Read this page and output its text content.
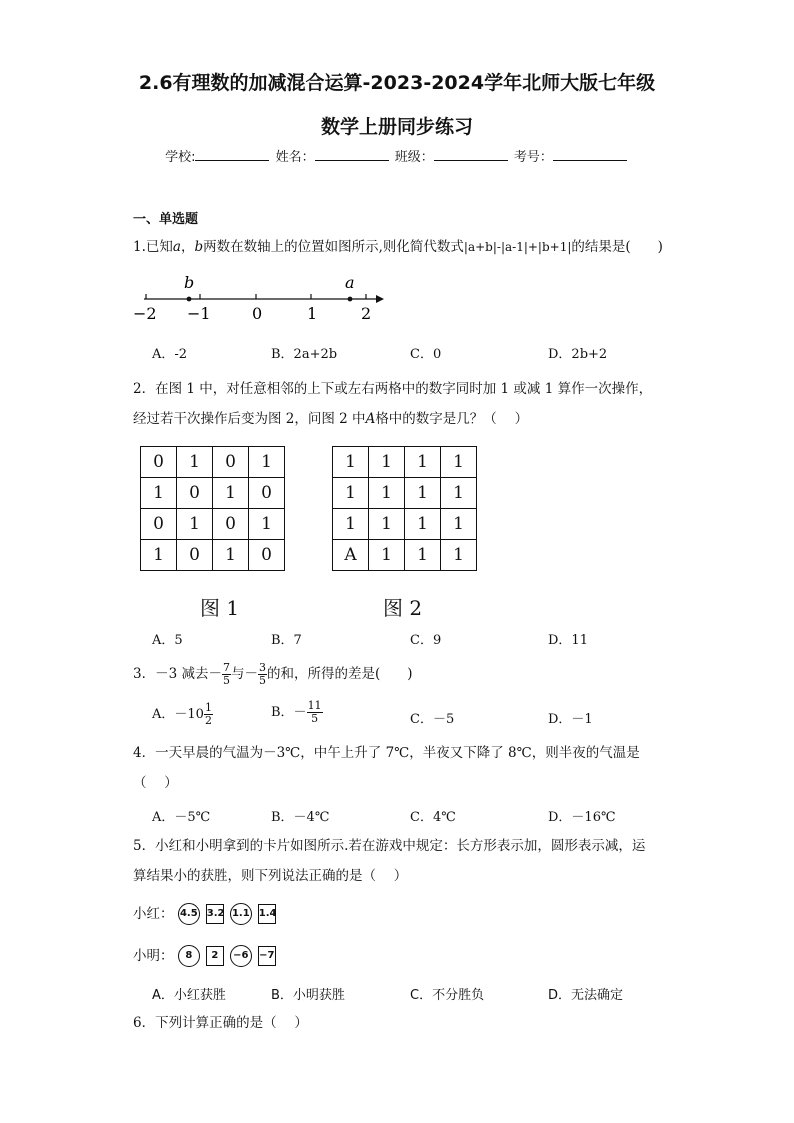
2.6有理数的加减混合运算-2023-2024学年北师大版七年级
数学上册同步练习
学校:	姓名：	班级：	考号：
一、单选题
1.已知a，b两数在数轴上的位置如图所示,则化简代数式|a+b|-|a-1|+|b+1|的结果是(　　)
b	a
−2 −1	0	1	2
A．-2	B．2a+2b	C．0	D．2b+2
2．在图 1 中，对任意相邻的上下或左右两格中的数字同时加 1 或减 1 算作一次操作，
经过若干次操作后变为图 2，问图 2 中A格中的数字是几？（　 ）
0	1	0	1
1	0	1	0
0	1	0	1
1	0	1	0
1	1	1	1
1	1	1	1
1	1	1	1
A	1	1	1
图 1	图 2
A．5	B．7	C．9	D．11
3．－3 减去－ $\frac{7}{5}$ 与－ $\frac{3}{5}$ 的和，所得的差是(　　)
A．$-10 \frac{1}{2}$	B．－ $\frac{11}{5}$	C．－5	D．－1
4．一天早晨的气温为－3℃，中午上升了 7℃，半夜又下降了 8℃，则半夜的气温是
（　 ）
A．－5℃	B．－4℃	C．4℃	D．－16℃
5．小红和小明拿到的卡片如图所示.若在游戏中规定：长方形表示加，圆形表示减，运
算结果小的获胜，则下列说法正确的是（　 ）
小红： 4.5 3.2 1.1 1.4
小明： 8 2 −6 −7
A．小红获胜	B．小明获胜	C．不分胜负	D．无法确定
6．下列计算正确的是（　 ）
